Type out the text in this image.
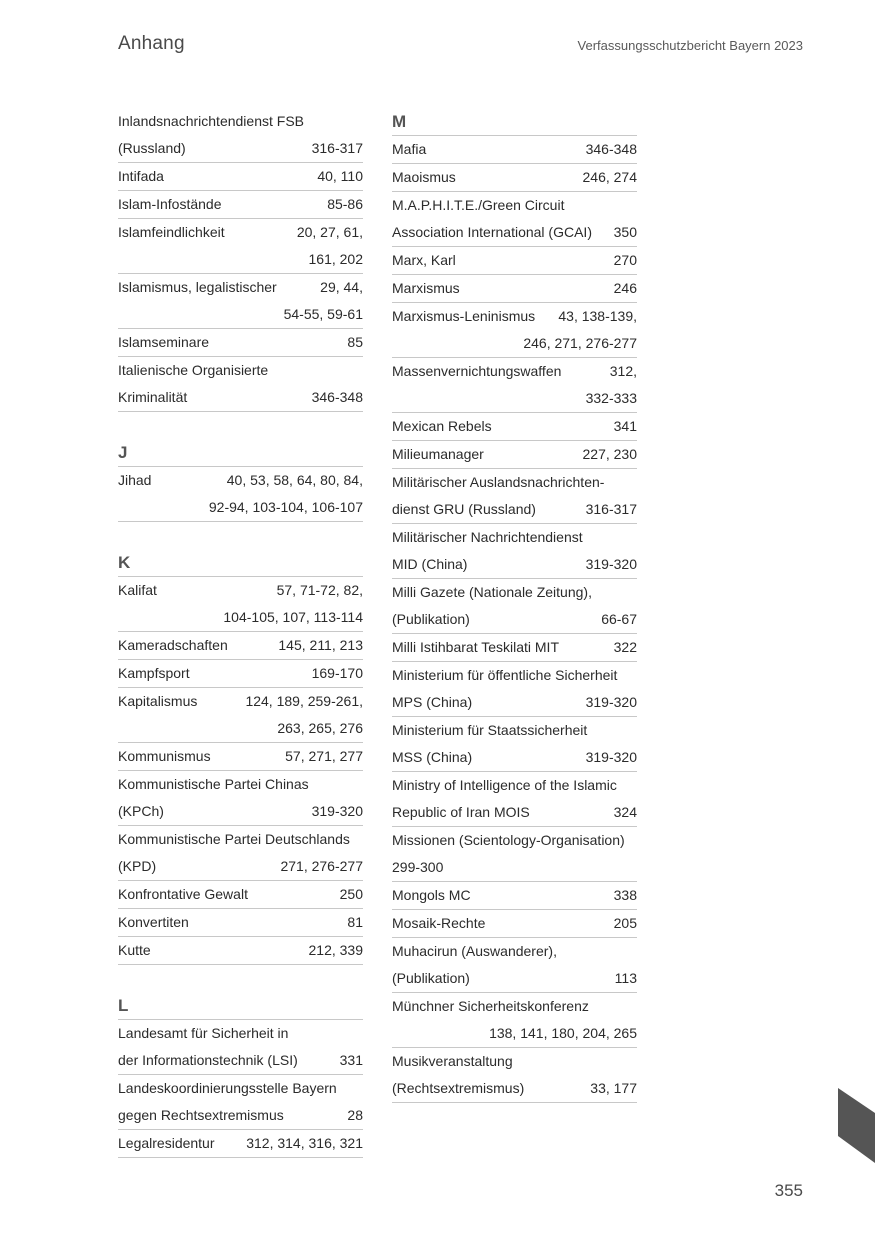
Anhang	Verfassungsschutzbericht Bayern 2023
Inlandsnachrichtendienst FSB
(Russland)	316-317
Intifada	40, 110
Islam-Infostände	85-86
Islamfeindlichkeit	20, 27, 61,
161, 202
Islamismus, legalistischer	29, 44,
54-55, 59-61
Islamseminare	85
Italienische Organisierte
Kriminalität	346-348
J
Jihad	40, 53, 58, 64, 80, 84,
92-94, 103-104, 106-107
K
Kalifat	57, 71-72, 82,
104-105, 107, 113-114
Kameradschaften	145, 211, 213
Kampfsport	169-170
Kapitalismus	124, 189, 259-261,
263, 265, 276
Kommunismus	57, 271, 277
Kommunistische Partei Chinas
(KPCh)	319-320
Kommunistische Partei Deutschlands
(KPD)	271, 276-277
Konfrontative Gewalt	250
Konvertiten	81
Kutte	212, 339
L
Landesamt für Sicherheit in
der Informationstechnik (LSI)	331
Landeskoordinierungsstelle Bayern
gegen Rechtsextremismus	28
Legalresidentur	312, 314, 316, 321
M
Mafia	346-348
Maoismus	246, 274
M.A.P.H.I.T.E./Green Circuit
Association International (GCAI)	350
Marx, Karl	270
Marxismus	246
Marxismus-Leninismus	43, 138-139,
246, 271, 276-277
Massenvernichtungswaffen	312,
332-333
Mexican Rebels	341
Milieumanager	227, 230
Militärischer Auslandsnachrichten-
dienst GRU (Russland)	316-317
Militärischer Nachrichtendienst
MID (China)	319-320
Milli Gazete (Nationale Zeitung),
(Publikation)	66-67
Milli Istihbarat Teskilati MIT	322
Ministerium für öffentliche Sicherheit
MPS (China)	319-320
Ministerium für Staatssicherheit
MSS (China)	319-320
Ministry of Intelligence of the Islamic
Republic of Iran MOIS	324
Missionen (Scientology-Organisation)
299-300
Mongols MC	338
Mosaik-Rechte	205
Muhacirun (Auswanderer),
(Publikation)	113
Münchner Sicherheitskonferenz
138, 141, 180, 204, 265
Musikveranstaltung
(Rechtsextremismus)	33, 177
355
